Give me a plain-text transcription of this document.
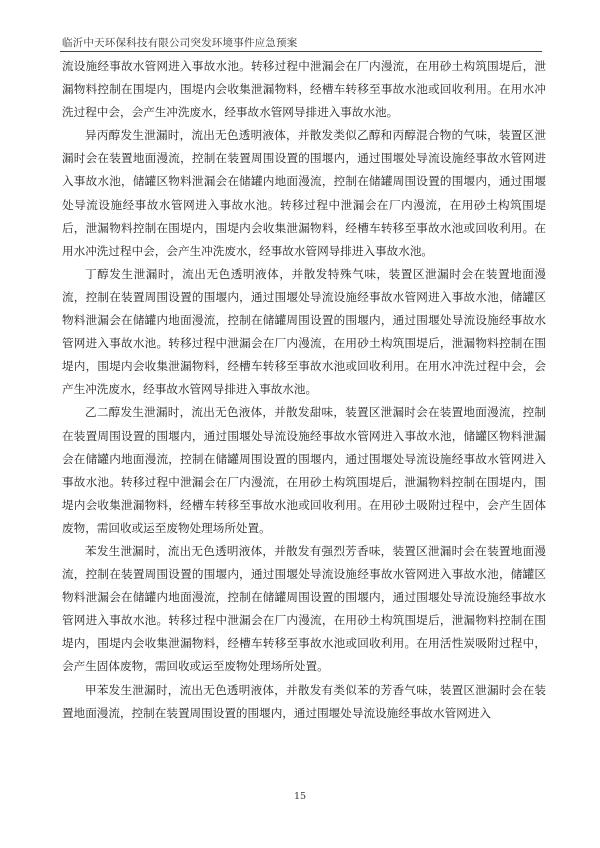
临沂中天环保科技有限公司突发环境事件应急预案

流设施经事故水管网进入事故水池。转移过程中泄漏会在厂内漫流，在用砂土构筑围堤后，泄漏物料控制在围堤内，围堤内会收集泄漏物料，经槽车转移至事故水池或回收利用。在用水冲洗过程中会，会产生冲洗废水，经事故水管网导排进入事故水池。

异丙醇发生泄漏时，流出无色透明液体，并散发类似乙醇和丙醇混合物的气味，装置区泄漏时会在装置地面漫流，控制在装置周围设置的围堰内，通过围堰处导流设施经事故水管网进入事故水池，储罐区物料泄漏会在储罐内地面漫流，控制在储罐周围设置的围堰内，通过围堰处导流设施经事故水管网进入事故水池。转移过程中泄漏会在厂内漫流，在用砂土构筑围堤后，泄漏物料控制在围堤内，围堤内会收集泄漏物料，经槽车转移至事故水池或回收利用。在用水冲洗过程中会，会产生冲洗废水，经事故水管网导排进入事故水池。

丁醇发生泄漏时，流出无色透明液体，并散发特殊气味，装置区泄漏时会在装置地面漫流，控制在装置周围设置的围堰内，通过围堰处导流设施经事故水管网进入事故水池，储罐区物料泄漏会在储罐内地面漫流，控制在储罐周围设置的围堰内，通过围堰处导流设施经事故水管网进入事故水池。转移过程中泄漏会在厂内漫流，在用砂土构筑围堤后，泄漏物料控制在围堤内，围堤内会收集泄漏物料，经槽车转移至事故水池或回收利用。在用水冲洗过程中会，会产生冲洗废水，经事故水管网导排进入事故水池。

乙二醇发生泄漏时，流出无色液体，并散发甜味，装置区泄漏时会在装置地面漫流，控制在装置周围设置的围堰内，通过围堰处导流设施经事故水管网进入事故水池，储罐区物料泄漏会在储罐内地面漫流，控制在储罐周围设置的围堰内，通过围堰处导流设施经事故水管网进入事故水池。转移过程中泄漏会在厂内漫流，在用砂土构筑围堤后，泄漏物料控制在围堤内，围堤内会收集泄漏物料，经槽车转移至事故水池或回收利用。在用砂土吸附过程中，会产生固体废物，需回收或运至废物处理场所处置。

苯发生泄漏时，流出无色透明液体，并散发有强烈芳香味，装置区泄漏时会在装置地面漫流，控制在装置周围设置的围堰内，通过围堰处导流设施经事故水管网进入事故水池，储罐区物料泄漏会在储罐内地面漫流，控制在储罐周围设置的围堰内，通过围堰处导流设施经事故水管网进入事故水池。转移过程中泄漏会在厂内漫流，在用砂土构筑围堤后，泄漏物料控制在围堤内，围堤内会收集泄漏物料，经槽车转移至事故水池或回收利用。在用活性炭吸附过程中，会产生固体废物，需回收或运至废物处理场所处置。

甲苯发生泄漏时，流出无色透明液体，并散发有类似苯的芳香气味，装置区泄漏时会在装置地面漫流，控制在装置周围设置的围堰内，通过围堰处导流设施经事故水管网进入

15
